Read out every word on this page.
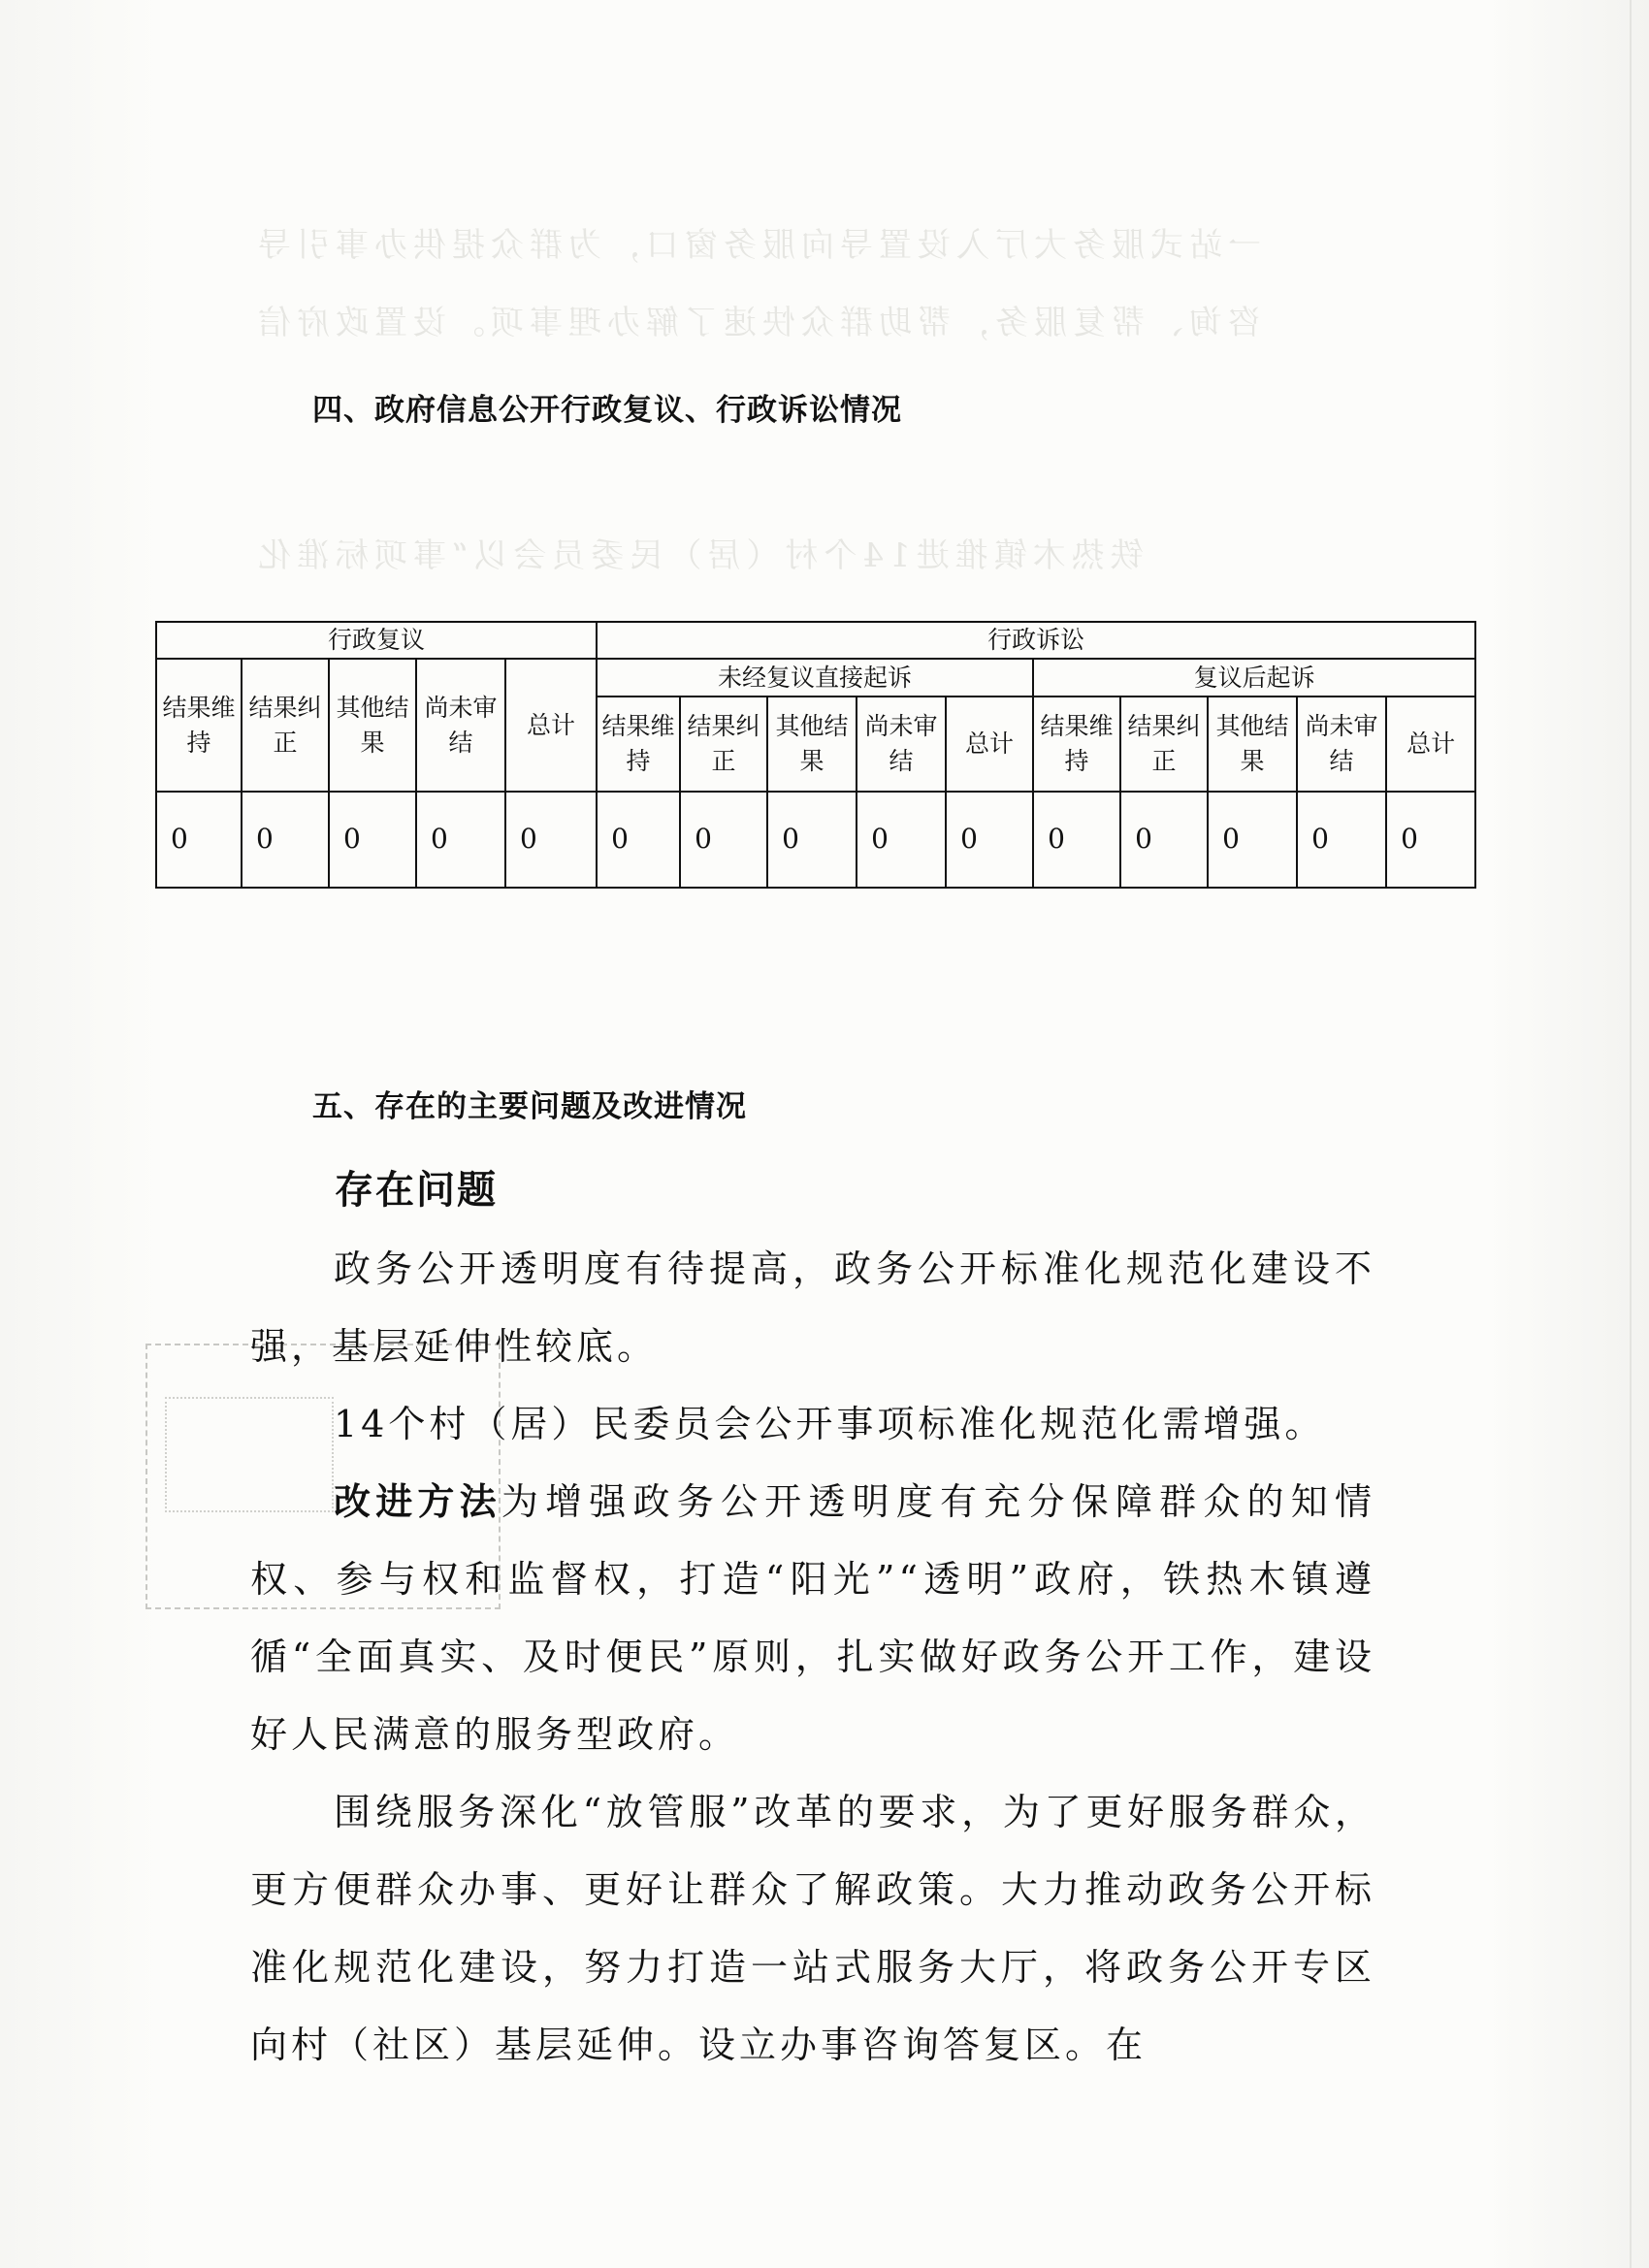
一站式服务大厅入设置导向服务窗口，为群众提供办事引导
咨询、帮复服务，帮助群众快速了解办理事项。设置政府信
铁热木镇推进14个村（居）民委员会以“事项标准化
四、政府信息公开行政复议、行政诉讼情况
行政复议					行政诉讼									
结果维持	结果纠正	其他结果	尚未审结	总计	未经复议直接起诉					复议后起诉				
					结果维持	结果纠正	其他结果	尚未审结	总计	结果维持	结果纠正	其他结果	尚未审结	总计
0	0	0	0	0	0	0	0	0	0	0	0	0	0	0
五、存在的主要问题及改进情况
存在问题
政务公开透明度有待提高，政务公开标准化规范化建设不强，基层延伸性较底。
14个村（居）民委员会公开事项标准化规范化需增强。
改进方法为增强政务公开透明度有充分保障群众的知情权、参与权和监督权，打造“阳光”“透明”政府，铁热木镇遵循“全面真实、及时便民”原则，扎实做好政务公开工作，建设好人民满意的服务型政府。
围绕服务深化“放管服”改革的要求，为了更好服务群众，更方便群众办事、更好让群众了解政策。大力推动政务公开标准化规范化建设，努力打造一站式服务大厅，将政务公开专区向村（社区）基层延伸。设立办事咨询答复区。在
